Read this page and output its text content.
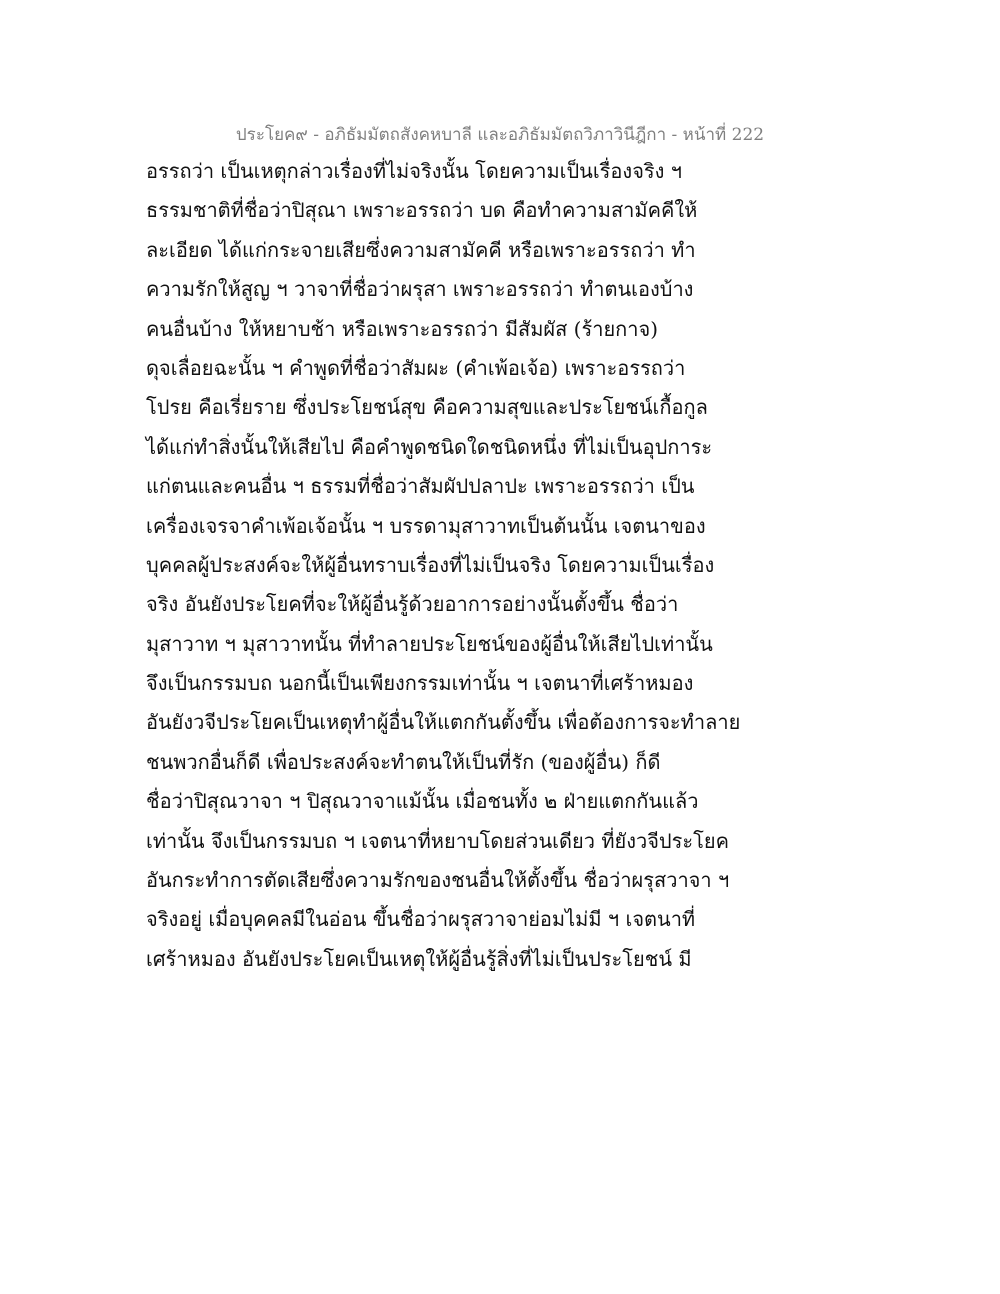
ประโยค๙ - อภิธัมมัตถสังคหบาลี และอภิธัมมัตถวิภาวินีฎีกา - หน้าที่ 222
อรรถว่า เป็นเหตุกล่าวเรื่องที่ไม่จริงนั้น โดยความเป็นเรื่องจริง ฯ
ธรรมชาติที่ชื่อว่าปิสุณา เพราะอรรถว่า บด คือทำความสามัคคีให้
ละเอียด ได้แก่กระจายเสียซึ่งความสามัคคี หรือเพราะอรรถว่า ทำ
ความรักให้สูญ ฯ วาจาที่ชื่อว่าผรุสา เพราะอรรถว่า ทำตนเองบ้าง
คนอื่นบ้าง ให้หยาบช้า หรือเพราะอรรถว่า มีสัมผัส (ร้ายกาจ)
ดุจเลื่อยฉะนั้น ฯ คำพูดที่ชื่อว่าสัมผะ (คำเพ้อเจ้อ) เพราะอรรถว่า
โปรย คือเรี่ยราย ซึ่งประโยชน์สุข คือความสุขและประโยชน์เกื้อกูล
ได้แก่ทำสิ่งนั้นให้เสียไป คือคำพูดชนิดใดชนิดหนึ่ง ที่ไม่เป็นอุปการะ
แก่ตนและคนอื่น ฯ ธรรมที่ชื่อว่าสัมผัปปลาปะ เพราะอรรถว่า เป็น
เครื่องเจรจาคำเพ้อเจ้อนั้น ฯ บรรดามุสาวาทเป็นต้นนั้น เจตนาของ
บุคคลผู้ประสงค์จะให้ผู้อื่นทราบเรื่องที่ไม่เป็นจริง โดยความเป็นเรื่อง
จริง อันยังประโยคที่จะให้ผู้อื่นรู้ด้วยอาการอย่างนั้นตั้งขึ้น ชื่อว่า
มุสาวาท ฯ มุสาวาทนั้น ที่ทำลายประโยชน์ของผู้อื่นให้เสียไปเท่านั้น
จึงเป็นกรรมบถ นอกนี้เป็นเพียงกรรมเท่านั้น ฯ เจตนาที่เศร้าหมอง
อันยังวจีประโยคเป็นเหตุทำผู้อื่นให้แตกกันตั้งขึ้น เพื่อต้องการจะทำลาย
ชนพวกอื่นก็ดี เพื่อประสงค์จะทำตนให้เป็นที่รัก (ของผู้อื่น) ก็ดี
ชื่อว่าปิสุณวาจา ฯ ปิสุณวาจาแม้นั้น เมื่อชนทั้ง ๒ ฝ่ายแตกกันแล้ว
เท่านั้น จึงเป็นกรรมบถ ฯ เจตนาที่หยาบโดยส่วนเดียว ที่ยังวจีประโยค
อันกระทำการตัดเสียซึ่งความรักของชนอื่นให้ตั้งขึ้น ชื่อว่าผรุสวาจา ฯ
จริงอยู่ เมื่อบุคคลมีในอ่อน ขึ้นชื่อว่าผรุสวาจาย่อมไม่มี ฯ เจตนาที่
เศร้าหมอง อันยังประโยคเป็นเหตุให้ผู้อื่นรู้สิ่งที่ไม่เป็นประโยชน์ มี
